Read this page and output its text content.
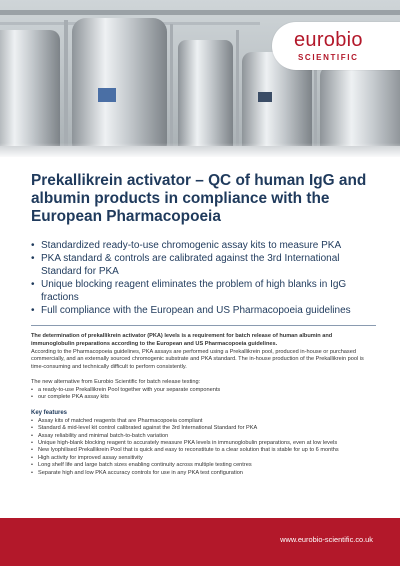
eurobio
SCIENTIFIC
Prekallikrein activator – QC of human IgG and albumin products in compliance with the European Pharmacopoeia
• Standardized ready-to-use chromogenic assay kits to measure PKA
• PKA standard & controls are calibrated against the 3rd International Standard for PKA
• Unique blocking reagent eliminates the problem of high blanks in IgG fractions
• Full compliance with the European and US Pharmacopoeia guidelines

The determination of prekallikrein activator (PKA) levels is a requirement for batch release of human albumin and immunoglobulin preparations according to the European and US Pharmacopoeia guidelines.

According to the Pharmacopoeia guidelines, PKA assays are performed using a Prekallikrein pool, produced in-house or purchased commercially, and an externally sourced chromogenic substrate and PKA standard. The in-house production of the Prekallikrein pool is time-consuming and technically difficult to perform consistently.

The new alternative from Eurobio Scientific for batch release testing:

• a ready-to-use Prekallikrein Pool together with your separate components
• our complete PKA assay kits

Key features

• Assay kits of matched reagents that are Pharmacopoeia compliant
• Standard & mid-level kit control calibrated against the 3rd International Standard for PKA
• Assay reliability and minimal batch-to-batch variation
• Unique high-blank blocking reagent to accurately measure PKA levels in immunoglobulin preparations, even at low levels
• New lyophilised Prekallikrein Pool that is quick and easy to reconstitute to a clear solution that is stable for up to 6 months
• High activity for improved assay sensitivity
• Long shelf life and large batch sizes enabling continuity across multiple testing centres
• Separate high and low PKA accuracy controls for use in any PKA test configuration
www.eurobio-scientific.co.uk
